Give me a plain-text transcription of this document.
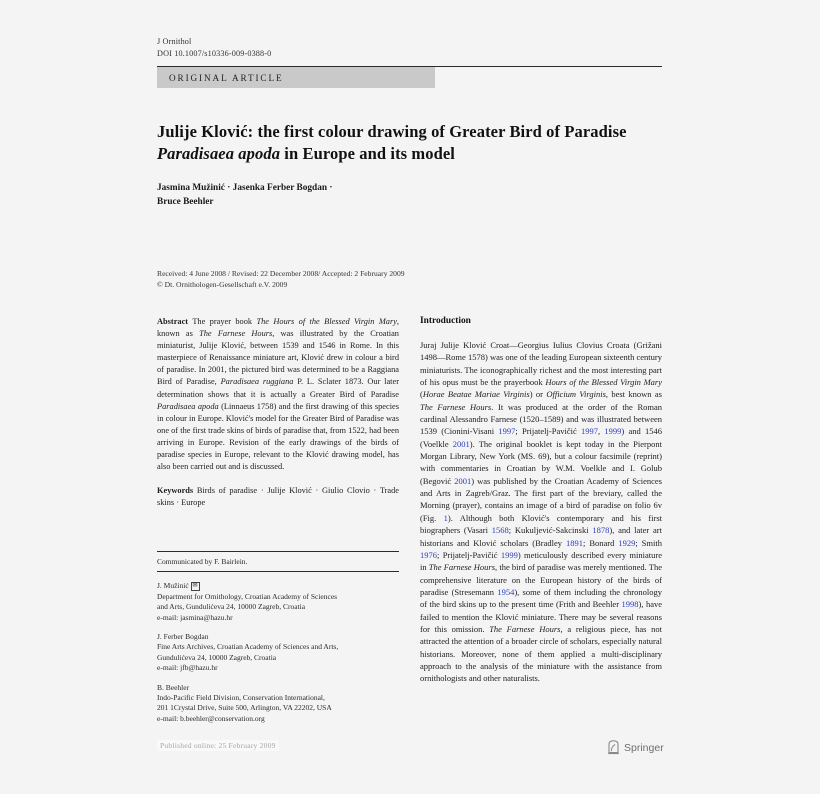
J Ornithol
DOI 10.1007/s10336-009-0388-0
ORIGINAL ARTICLE
Julije Klović: the first colour drawing of Greater Bird of Paradise
Paradisaea apoda in Europe and its model
Jasmina Mužinić · Jasenka Ferber Bogdan ·
Bruce Beehler
Received: 4 June 2008 / Revised: 22 December 2008/ Accepted: 2 February 2009
© Dt. Ornithologen-Gesellschaft e.V. 2009
Abstract The prayer book The Hours of the Blessed Virgin Mary, known as The Farnese Hours, was illustrated by the Croatian miniaturist, Julije Klović, between 1539 and 1546 in Rome. In this masterpiece of Renaissance miniature art, Klović drew in colour a bird of paradise. In 2001, the pictured bird was determined to be a Raggiana Bird of Paradise, Paradisaea ruggiana P. L. Sclater 1873. Our later determination shows that it is actually a Greater Bird of Paradise Paradisaea apoda (Linnaeus 1758) and the first drawing of this species in colour in Europe. Klović's model for the Greater Bird of Paradise was one of the first trade skins of birds of paradise that, from 1522, had been arriving in Europe. Revision of the early drawings of the birds of paradise species in Europe, relevant to the Klović drawing model, has also been carried out and is discussed.
Keywords Birds of paradise · Julije Klović · Giulio Clovio · Trade skins · Europe
Communicated by F. Bairlein.
J. Mužinić ✉
Department for Ornithology, Croatian Academy of Sciences
and Arts, Gundulićeva 24, 10000 Zagreb, Croatia
e-mail: jasmina@hazu.hr
J. Ferber Bogdan
Fine Arts Archives, Croatian Academy of Sciences and Arts,
Gundulićeva 24, 10000 Zagreb, Croatia
e-mail: jfb@hazu.hr
B. Beehler
Indo-Pacific Field Division, Conservation International,
201 1Crystal Drive, Suite 500, Arlington, VA 22202, USA
e-mail: b.beehler@conservation.org
Introduction
Juraj Julije Klović Croat—Georgius Iulius Clovius Croata (Grižani 1498—Rome 1578) was one of the leading European sixteenth century miniaturists. The iconographically richest and the most interesting part of his opus must be the prayerbook Hours of the Blessed Virgin Mary (Horae Beatae Mariae Virginis) or Officium Virginis, best known as The Farnese Hours. It was produced at the order of the Roman cardinal Alessandro Farnese (1520–1589) and was illustrated between 1539 (Cionini-Visani 1997; Prijatelj-Pavičić 1997, 1999) and 1546 (Voelkle 2001). The original booklet is kept today in the Pierpont Morgan Library, New York (MS. 69), but a colour facsimile (reprint) with commentaries in Croatian by W.M. Voelkle and I. Golub (Begović 2001) was published by the Croatian Academy of Sciences and Arts in Zagreb/Graz. The first part of the breviary, called the Morning (prayer), contains an image of a bird of paradise on folio 6v (Fig. 1). Although both Klović's contemporary and his first biographers (Vasari 1568; Kukuljević-Sakcinski 1878), and later art historians and Klović scholars (Bradley 1891; Bonard 1929; Smith 1976; Prijatelj-Pavičić 1999) meticulously described every miniature in The Farnese Hours, the bird of paradise was merely mentioned. The comprehensive literature on the European history of the birds of paradise (Stresemann 1954), some of them including the chronology of the bird skins up to the present time (Frith and Beehler 1998), have failed to mention the Klović miniature. There may be several reasons for this omission. The Farnese Hours, a religious piece, has not attracted the attention of a broader circle of scholars, especially natural historians. Moreover, none of them applied a multi-disciplinary approach to the analysis of the miniature with the assistance from ornithologists and other naturalists.
Published online: 25 February 2009	Springer
